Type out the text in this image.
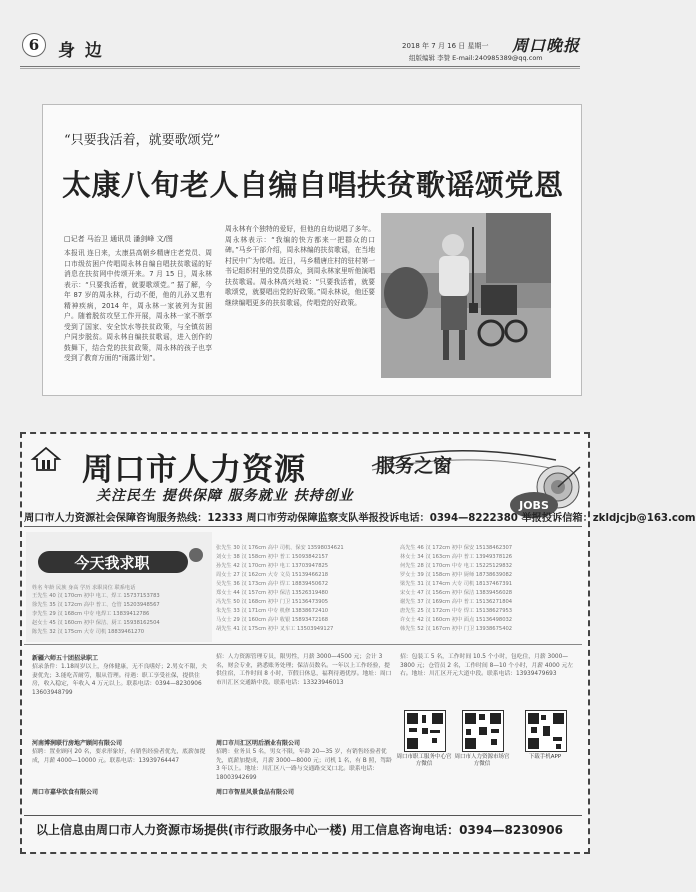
6	身 边	2018 年 7 月 16 日 星期一 周口晚报
组版编辑 李赞 E-mail:240985389@qq.com
“只要我活着，就要歌颂党”
太康八旬老人自编自唱扶贫歌谣颂党恩
□记者 马治卫 通讯员 潘剑峰 文/图

本报讯 连日来，太康县高朝乡精唐庄老党员、周口市级贫困户传唱周永林自编自唱扶贫歌谣的好消息在扶贫网中传颂开来。7 月 15 日，周永林表示：“只要我活着，就要歌颂党。” 据了解，今年 87 岁的周永林，行动不便，他的儿孙又患有精神疾病，2014 年，周永林一家被列为贫困户。随着脱贫攻坚工作开展，周永林一家不断享受到了国家、安全饮水等扶贫政策，与全镇贫困户同步脱贫。周永林自编扶贫歌谣，进入创作的鼓舞下，结合党的扶贫政策，周永林的孩子也享受到了教育方面的“雨露计划”。

周永林有个独特的爱好，但他的自幼说唱了多年。周永林表示：“我编的快方都来一把群众的口碑。”马乡干部介绍，周永林编的扶贫歌谣，在当地村民中广为传唱。近日，马乡精唐庄村的驻村第一书记组织村里的党员群众，到周永林家里听他演唱扶贫歌谣。周永林高兴地说：“只要我活着，就要歌颂党，就要唱出党的好政策。”周永林说，他还要继续编唱更多的扶贫歌谣，传唱党的好政策。

周口市人力资源	服务之窗
关注民生 提供保障 服务就业 扶持创业
JOBS
周口市人力资源社会保障咨询服务热线：12333 周口市劳动保障监察支队举报投诉电话：0394—8222380 举报投诉信箱：zkldjcjb@163.com
今天我求职
姓名 年龄 民族 身高 学历 求职岗位 联系电话
王先生 40 汉 170cm 初中 电工、焊工 15737153783
徐先生 35 汉 172cm 高中 普工、仓管 15203948567
李先生 29 汉 168cm 中专 电焊工 13839412786
赵女士 45 汉 160cm 初中 保洁、厨工 15938162504
陈先生 32 汉 175cm 大专 司机 18839461270
张先生 30 汉 176cm 高中 司机、保安 13598034621
刘女士 38 汉 158cm 初中 普工 15093842157
孙先生 42 汉 170cm 初中 电工 13703947825
周女士 27 汉 162cm 大专 文员 15139466218
吴先生 36 汉 173cm 高中 焊工 18839450672
郑女士 44 汉 157cm 初中 保洁 13526319480
冯先生 50 汉 168cm 初中 门卫 15136473905
朱先生 33 汉 171cm 中专 机修 13838672410
马女士 29 汉 160cm 高中 收银 15893472168
胡先生 41 汉 175cm 初中 叉车工 13503949127
高先生 46 汉 172cm 初中 保安 15138462307
林女士 34 汉 163cm 高中 普工 13949378126
何先生 28 汉 170cm 中专 电工 15225129832
罗女士 39 汉 158cm 初中 厨师 18738639082
梁先生 31 汉 174cm 大专 司机 18137467391
宋女士 47 汉 156cm 初中 保洁 13839456028
谢先生 37 汉 169cm 高中 普工 15136271804
唐先生 25 汉 172cm 中专 焊工 15138627953
许女士 42 汉 160cm 初中 面点 15136498032
韩先生 52 汉 167cm 初中 门卫 13938675402
新疆六师五十团招录职工

招录条件：1.18周岁以上，身体健康，无不良嗜好；2.男女不限，夫妻优先；3.能吃苦耐劳，服从管理。待遇：职工享受社保，提供住房，收入稳定，年收入 4 万元以上。联系电话：0394—8230906 13603948799

河南博润联行房地产顾问有限公司

招聘：置业顾问 20 名，要求形象好，有销售经验者优先，底薪加提成，月薪 4000—10000 元。联系电话：13939764447

周口市嘉华饮食有限公司

招：人力资源管理专员，限男性，月薪 3000—4500 元；会计 3 名，财会专业，熟悉账务处理；保洁员数名。一年以上工作经验，提供住宿，工作时间 8 小时，节假日休息，福利待遇优厚。地址：周口市川汇区交通路中段。联系电话：13323946013

周口市川汇区明后酒业有限公司

招聘：业务员 5 名，男女不限，年龄 20—35 岁，有销售经验者优先，底薪加提成，月薪 3000—8000 元；司机 1 名，有 B 照，驾龄 3 年以上。地址：川汇区八一路与交通路交叉口北。联系电话：18003942699

周口市智星风景食品有限公司

招：包装工 5 名，工作时间 10.5 个小时，包吃住，月薪 3000—3800 元；仓管员 2 名，工作时间 8—10 个小时，月薪 4000 元左右。地址：川汇区开元大道中段。联系电话：13939479693

周口市职工服务中心官方微信
周口市人力资源市场官方微信
下载手机APP
以上信息由周口市人力资源市场提供(市行政服务中心一楼) 用工信息咨询电话：0394—8230906
